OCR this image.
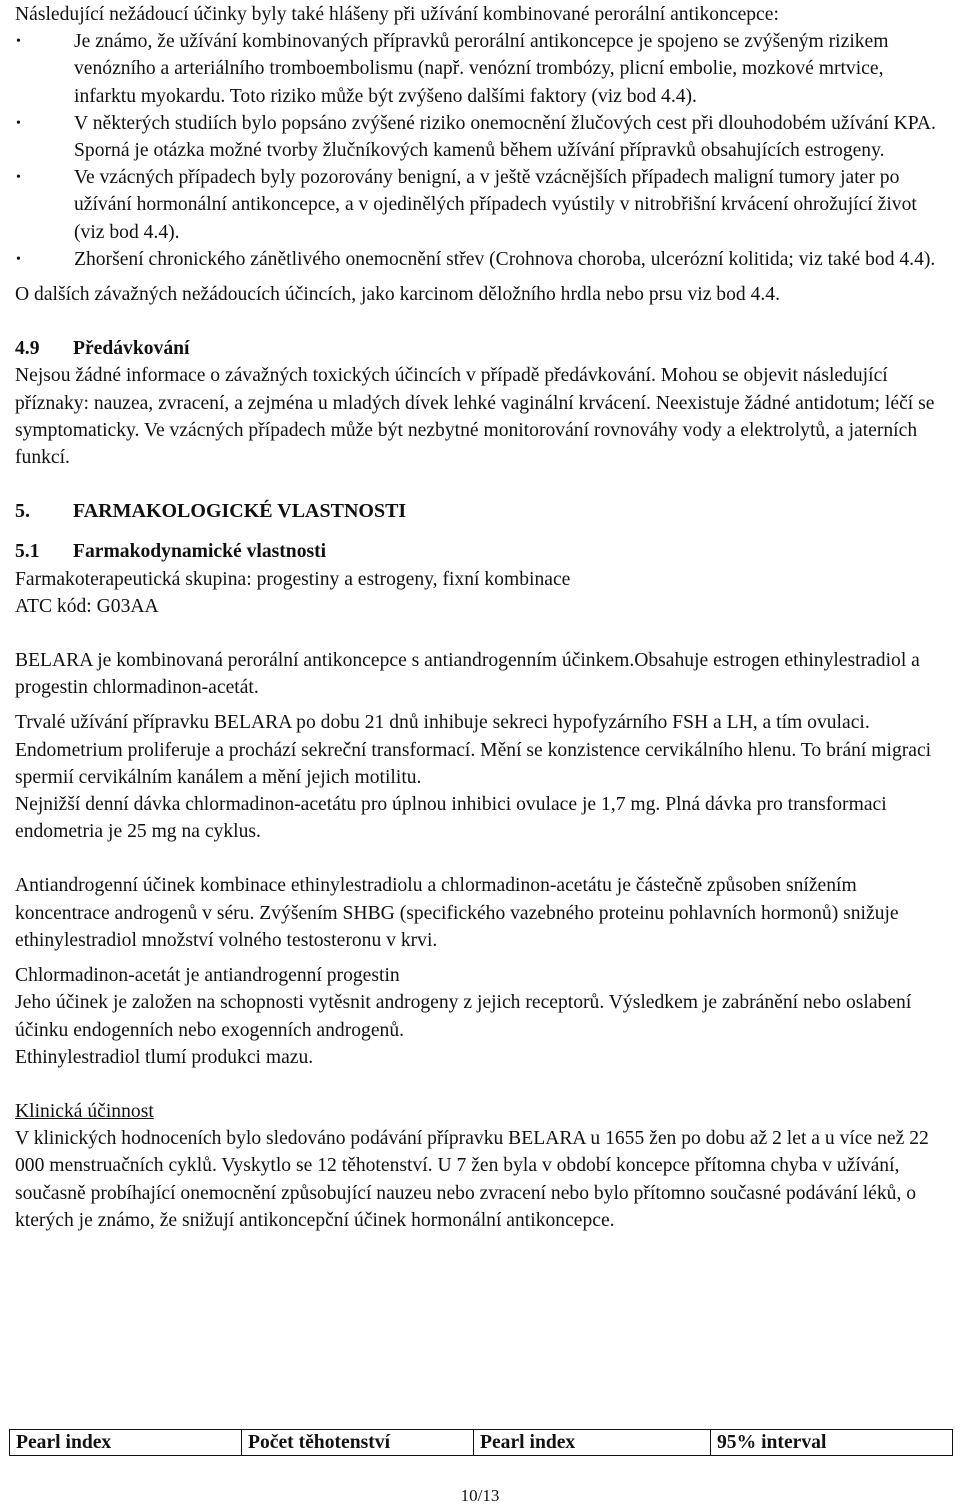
Následující nežádoucí účinky byly také hlášeny při užívání kombinované perorální antikoncepce:

•	Je známo, že užívání kombinovaných přípravků perorální antikoncepce je spojeno se zvýšeným rizikem venózního a arteriálního tromboembolismu (např. venózní trombózy, plicní embolie, mozkové mrtvice, infarktu myokardu. Toto riziko může být zvýšeno dalšími faktory (viz bod 4.4).
•	V některých studiích bylo popsáno zvýšené riziko onemocnění žlučových cest při dlouhodobém užívání KPA. Sporná je otázka možné tvorby žlučníkových kamenů během užívání přípravků obsahujících estrogeny.
•	Ve vzácných případech byly pozorovány benigní, a v ještě vzácnějších případech maligní tumory jater po užívání hormonální antikoncepce, a v ojedinělých případech vyústily v nitrobřišní krvácení ohrožující život (viz bod 4.4).
•	Zhoršení chronického zánětlivého onemocnění střev (Crohnova choroba, ulcerózní kolitida; viz také bod 4.4).

O dalších závažných nežádoucích účincích, jako karcinom děložního hrdla nebo prsu viz bod 4.4.

4.9 Předávkování

Nejsou žádné informace o závažných toxických účincích v případě předávkování. Mohou se objevit následující příznaky: nauzea, zvracení, a zejména u mladých dívek lehké vaginální krvácení. Neexistuje žádné antidotum; léčí se symptomaticky. Ve vzácných případech může být nezbytné monitorování rovnováhy vody a elektrolytů, a jaterních funkcí.

5. FARMAKOLOGICKÉ VLASTNOSTI

5.1 Farmakodynamické vlastnosti

Farmakoterapeutická skupina: progestiny a estrogeny, fixní kombinace

ATC kód: G03AA

BELARA je kombinovaná perorální antikoncepce s antiandrogenním účinkem.Obsahuje estrogen ethinylestradiol a progestin chlormadinon-acetát.

Trvalé užívání přípravku BELARA po dobu 21 dnů inhibuje sekreci hypofyzárního FSH a LH, a tím ovulaci. Endometrium proliferuje a prochází sekreční transformací. Mění se konzistence cervikálního hlenu. To brání migraci spermií cervikálním kanálem a mění jejich motilitu.

Nejnižší denní dávka chlormadinon-acetátu pro úplnou inhibici ovulace je 1,7 mg. Plná dávka pro transformaci endometria je 25 mg na cyklus.

Antiandrogenní účinek kombinace ethinylestradiolu a chlormadinon-acetátu je částečně způsoben snížením koncentrace androgenů v séru. Zvýšením SHBG (specifického vazebného proteinu pohlavních hormonů) snižuje ethinylestradiol množství volného testosteronu v krvi.

Chlormadinon-acetát je antiandrogenní progestin

Jeho účinek je založen na schopnosti vytěsnit androgeny z jejich receptorů. Výsledkem je zabránění nebo oslabení účinku endogenních nebo exogenních androgenů.

Ethinylestradiol tlumí produkci mazu.

Klinická účinnost

V klinických hodnoceních bylo sledováno podávání přípravku BELARA u 1655 žen po dobu až 2 let a u více než 22 000 menstruačních cyklů. Vyskytlo se 12 těhotenství. U 7 žen byla v období koncepce přítomna chyba v užívání, současně probíhající onemocnění způsobující nauzeu nebo zvracení nebo bylo přítomno současné podávání léků, o kterých je známo, že snižují antikoncepční účinek hormonální antikoncepce.

Pearl index	Počet těhotenství	Pearl index	95% interval
10/13
